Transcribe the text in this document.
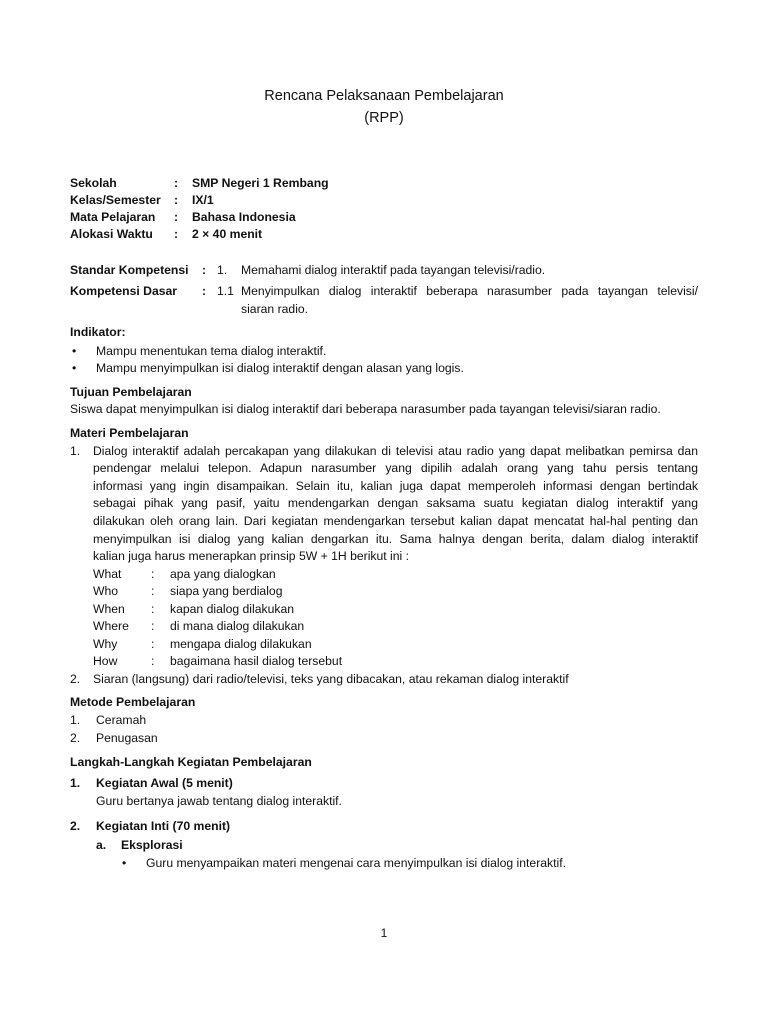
Rencana Pelaksanaan Pembelajaran
(RPP)
Sekolah	: SMP Negeri 1 Rembang
Kelas/Semester : IX/1
Mata Pelajaran : Bahasa Indonesia
Alokasi Waktu : 2 × 40 menit
Standar Kompetensi : 1. Memahami dialog interaktif pada tayangan televisi/radio.
Kompetensi Dasar : 1.1 Menyimpulkan dialog interaktif beberapa narasumber pada tayangan televisi/
siaran radio.
Indikator:
• Mampu menentukan tema dialog interaktif.
• Mampu menyimpulkan isi dialog interaktif dengan alasan yang logis.
Tujuan Pembelajaran
Siswa dapat menyimpulkan isi dialog interaktif dari beberapa narasumber pada tayangan televisi/siaran radio.
Materi Pembelajaran
1. Dialog interaktif adalah percakapan yang dilakukan di televisi atau radio yang dapat melibatkan pemirsa dan
pendengar melalui telepon. Adapun narasumber yang dipilih adalah orang yang tahu persis tentang
informasi yang ingin disampaikan. Selain itu, kalian juga dapat memperoleh informasi dengan bertindak
sebagai pihak yang pasif, yaitu mendengarkan dengan saksama suatu kegiatan dialog interaktif yang
dilakukan oleh orang lain. Dari kegiatan mendengarkan tersebut kalian dapat mencatat hal-hal penting dan
menyimpulkan isi dialog yang kalian dengarkan itu. Sama halnya dengan berita, dalam dialog interaktif
kalian juga harus menerapkan prinsip 5W + 1H berikut ini :
What : apa yang dialogkan
Who	: siapa yang berdialog
When : kapan dialog dilakukan
Where : di mana dialog dilakukan
Why	: mengapa dialog dilakukan
How	: bagaimana hasil dialog tersebut
2. Siaran (langsung) dari radio/televisi, teks yang dibacakan, atau rekaman dialog interaktif
Metode Pembelajaran
1. Ceramah
2. Penugasan
Langkah-Langkah Kegiatan Pembelajaran
1. Kegiatan Awal (5 menit)
Guru bertanya jawab tentang dialog interaktif.
2. Kegiatan Inti (70 menit)
a. Eksplorasi
• Guru menyampaikan materi mengenai cara menyimpulkan isi dialog interaktif.
1
